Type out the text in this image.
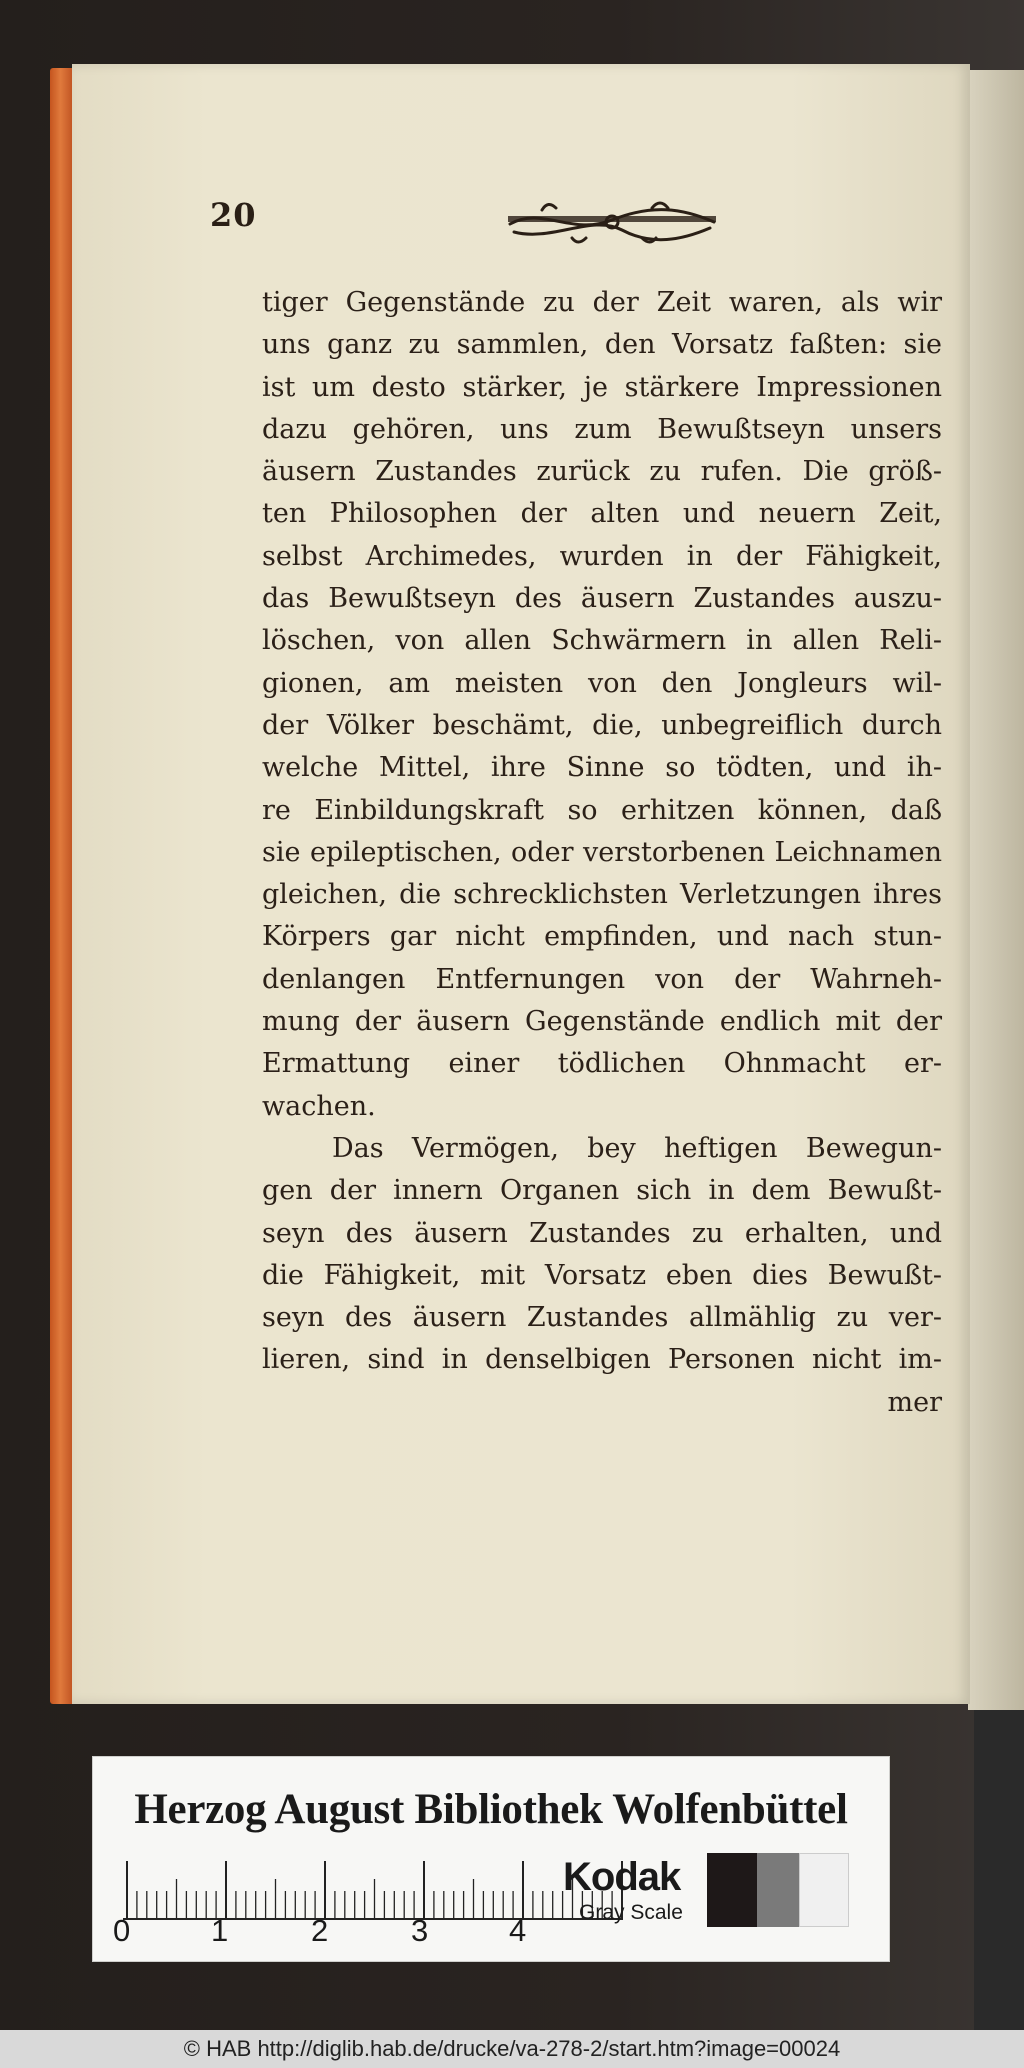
20
tiger Gegenstände zu der Zeit waren, als wir
uns ganz zu sammlen, den Vorsatz faßten: sie
ist um desto stärker, je stärkere Impressionen
dazu gehören, uns zum Bewußtseyn unsers
äusern Zustandes zurück zu rufen. Die größ-
ten Philosophen der alten und neuern Zeit,
selbst Archimedes, wurden in der Fähigkeit,
das Bewußtseyn des äusern Zustandes auszu-
löschen, von allen Schwärmern in allen Reli-
gionen, am meisten von den Jongleurs wil-
der Völker beschämt, die, unbegreiflich durch
welche Mittel, ihre Sinne so tödten, und ih-
re Einbildungskraft so erhitzen können, daß
sie epileptischen, oder verstorbenen Leichnamen
gleichen, die schrecklichsten Verletzungen ihres
Körpers gar nicht empfinden, und nach stun-
denlangen Entfernungen von der Wahrneh-
mung der äusern Gegenstände endlich mit der
Ermattung einer tödlichen Ohnmacht er-
wachen.
Das Vermögen, bey heftigen Bewegun-
gen der innern Organen sich in dem Bewußt-
seyn des äusern Zustandes zu erhalten, und
die Fähigkeit, mit Vorsatz eben dies Bewußt-
seyn des äusern Zustandes allmählig zu ver-
lieren, sind in denselbigen Personen nicht im-
mer
Herzog August Bibliothek Wolfenbüttel
0	1	2	3	4
Kodak
Gray Scale
© HAB http://diglib.hab.de/drucke/va-278-2/start.htm?image=00024
